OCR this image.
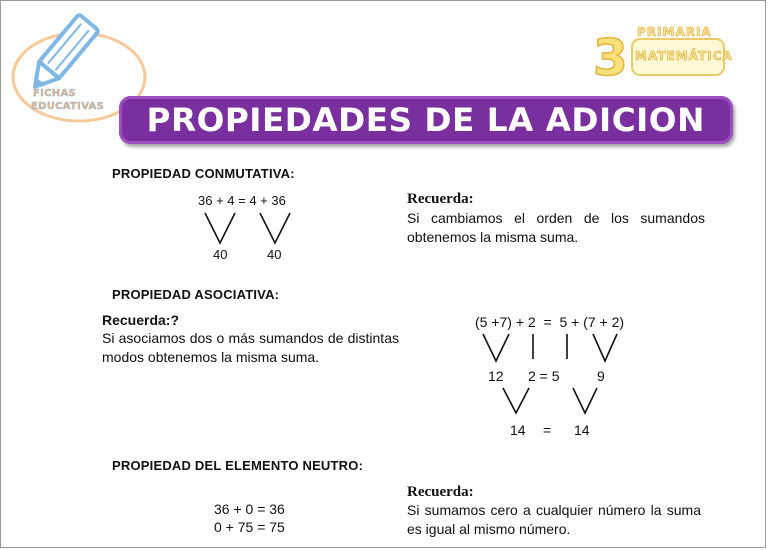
FICHAS
EDUCATIVAS
3 PRIMARIA
MATEMÁTICA
PROPIEDADES DE LA ADICION
PROPIEDAD CONMUTATIVA:
36 + 4 = 4 + 36
40	40
Recuerda:
Si cambiamos el orden de los sumandos obtenemos la misma suma.
PROPIEDAD ASOCIATIVA:
Recuerda:?
Si asociamos dos o más sumandos de distintas modos obtenemos la misma suma.
(5 +7) + 2  =  5 + (7 + 2)
12 2 = 5	9
14 = 14
PROPIEDAD DEL ELEMENTO NEUTRO:
36 + 0 = 36
0 + 75 = 75
Recuerda:
Si sumamos cero a cualquier número la suma es igual al mismo número.
